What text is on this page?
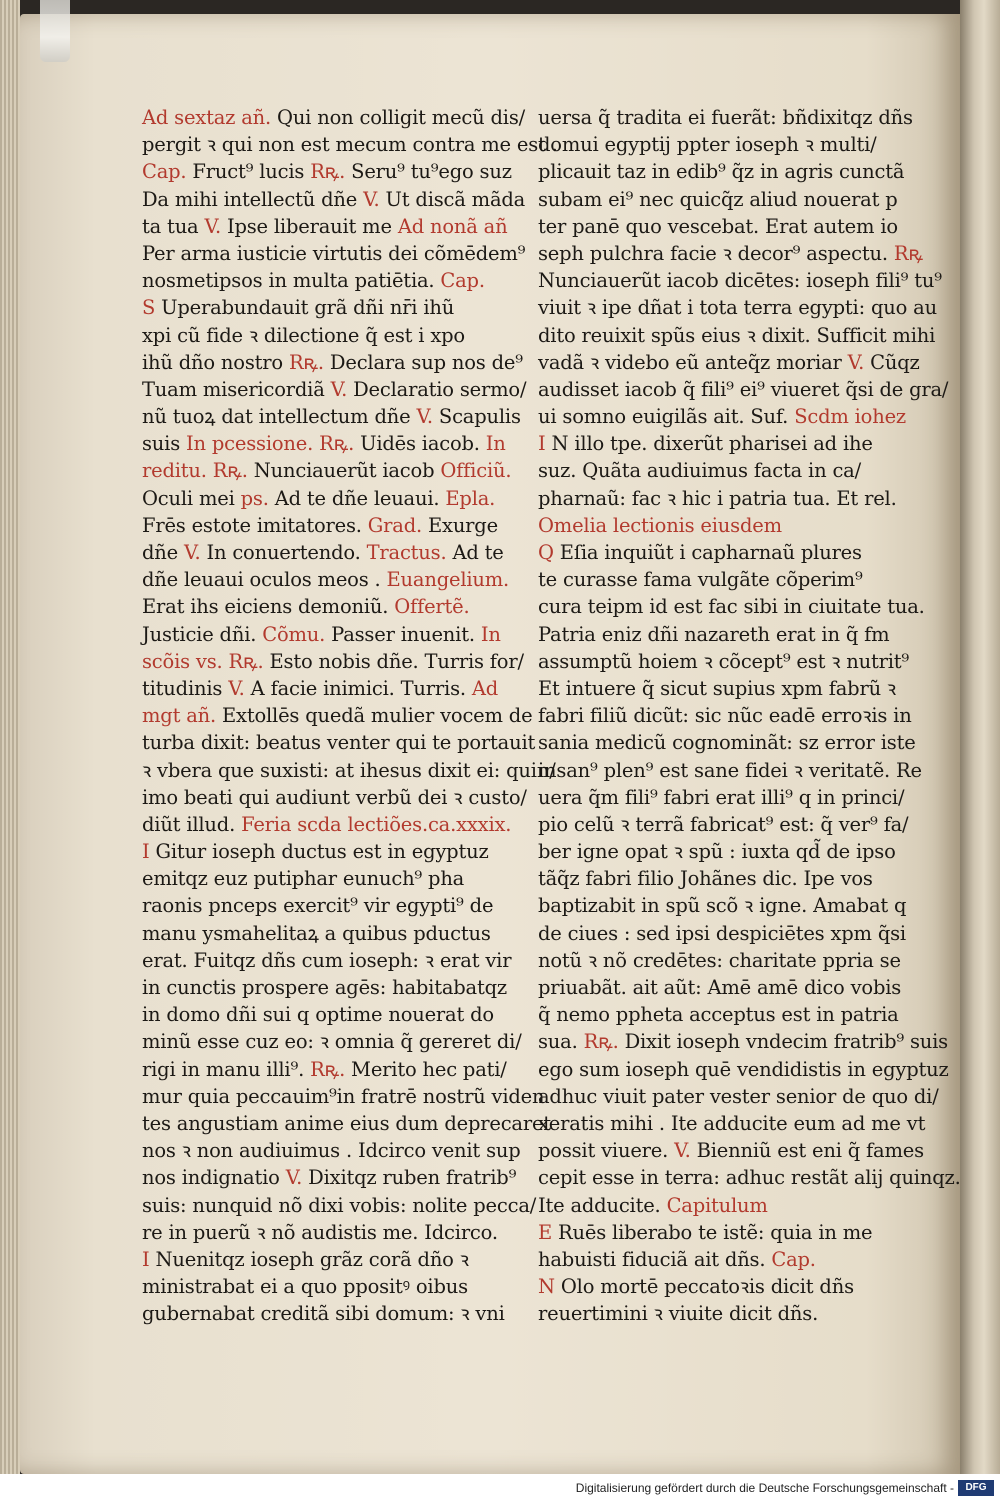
Ad sextaz añ. Qui non colligit mecũ dis/
pergit ꝛ qui non est mecum contra me est .
Cap. Fruct⁹ lucis Rꝶ. Seru⁹ tu⁹ego suz
Da mihi intellectũ dñe V. Ut discã mãda
ta tua V. Ipse liberauit me Ad nonã añ
Per arma iusticie virtutis dei cõmēdem⁹
nosmetipsos in multa patiētia. Cap.
S Uperabundauit grã dñi nr̄i ihũ
xpi cũ fide ꝛ dilectione q̃ est i xpo
ihũ dño nostro Rꝶ. Declara sup nos de⁹
Tuam misericordiã V. Declaratio sermo/
nũ tuoꝝ dat intellectum dñe V. Scapulis
suis In pcessione. Rꝶ. Uidēs iacob. In
reditu. Rꝶ. Nunciauerũt iacob Officiũ.
Oculi mei ps. Ad te dñe leuaui. Epla.
Frēs estote imitatores. Grad. Exurge
dñe V. In conuertendo. Tractus. Ad te
dñe leuaui oculos meos . Euangelium.
Erat ihs eiciens demoniũ. Offertẽ.
Justicie dñi. Cõmu. Passer inuenit. In
scõis vs. Rꝶ. Esto nobis dñe. Turris for/
titudinis V. A facie inimici. Turris. Ad
mgt añ. Extollēs quedã mulier vocem de
turba dixit: beatus venter qui te portauit
ꝛ vbera que suxisti: at ihesus dixit ei: quin/
imo beati qui audiunt verbũ dei ꝛ custo/
diũt illud. Feria scda lectiões.ca.xxxix.
I Gitur ioseph ductus est in egyptuz
emitqz euz putiphar eunuch⁹ pha
raonis pnceps exercit⁹ vir egypti⁹ de
manu ysmahelitaꝝ a quibus pductus
erat. Fuitqz dñs cum ioseph: ꝛ erat vir
in cunctis prospere agēs: habitabatqz
in domo dñi sui q optime nouerat do
minũ esse cuz eo: ꝛ omnia q̃ gereret di/
rigi in manu illi⁹. Rꝶ. Merito hec pati/
mur quia peccauim⁹in fratrē nostrũ viden
tes angustiam anime eius dum deprecaret
nos ꝛ non audiuimus . Idcirco venit sup
nos indignatio V. Dixitqz ruben fratrib⁹
suis: nunquid nõ dixi vobis: nolite pecca/
re in puerũ ꝛ nõ audistis me. Idcirco.
I Nuenitqz ioseph grãz corã dño ꝛ
ministrabat ei a quo ppositꝰ oibus
gubernabat creditã sibi domum: ꝛ vni
uersa q̃ tradita ei fuerãt: bñdixitqz dñs
domui egyptij ppter ioseph ꝛ multi/
plicauit taz in edib⁹ q̃z in agris cunctã
subam ei⁹ nec quicq̃z aliud nouerat p
ter panē quo vescebat. Erat autem io
seph pulchra facie ꝛ decor⁹ aspectu. Rꝶ
Nunciauerũt iacob dicētes: ioseph fili⁹ tu⁹
viuit ꝛ ipe dñat i tota terra egypti: quo au
dito reuixit spũs eius ꝛ dixit. Sufficit mihi
vadã ꝛ videbo eũ anteq̃z moriar V. Cũqz
audisset iacob q̃ fili⁹ ei⁹ viueret q̃si de gra/
ui somno euigilãs ait. Suf. Scdm iohez
I N illo tpe. dixerũt pharisei ad ihe
suz. Quãta audiuimus facta in ca/
pharnaũ: fac ꝛ hic i patria tua. Et rel.
Omelia lectionis eiusdem
Q Eſia inquiũt i capharnaũ plures
te curasse fama vulgãte cõperim⁹
cura teipm id est fac sibi in ciuitate tua.
Patria eniz dñi nazareth erat in q̃ fm
assumptũ hoiem ꝛ cõcept⁹ est ꝛ nutrit⁹
Et intuere q̃ sicut supius xpm fabrũ ꝛ
fabri filiũ dicũt: sic nũc eadē erroꝛis in
sania medicũ cognominãt: sz error iste
insan⁹ plen⁹ est sane fidei ꝛ veritatẽ. Re
uera q̃m fili⁹ fabri erat illi⁹ q in princi/
pio celũ ꝛ terrã fabricat⁹ est: q̃ ver⁹ fa/
ber igne opat ꝛ spũ : iuxta qd̃ de ipso
tãq̃z fabri filio Johãnes dic. Ipe vos
baptizabit in spũ scõ ꝛ igne. Amabat q
de ciues : sed ipsi despiciētes xpm q̃si
notũ ꝛ nõ credētes: charitate ppria se
priuabãt. ait aũt: Amē amē dico vobis
q̃ nemo ppheta acceptus est in patria
sua. Rꝶ. Dixit ioseph vndecim fratrib⁹ suis
ego sum ioseph quē vendidistis in egyptuz
adhuc viuit pater vester senior de quo di/
xeratis mihi . Ite adducite eum ad me vt
possit viuere. V. Bienniũ est eni q̃ fames
cepit esse in terra: adhuc restãt alij quinqz.
Ite adducite. Capitulum
E Ruēs liberabo te istẽ: quia in me
habuisti fiduciã ait dñs. Cap.
N Olo mortē peccatoꝛis dicit dñs
reuertimini ꝛ viuite dicit dñs.
Digitalisierung gefördert durch die Deutsche Forschungsgemeinschaft -	DFG
